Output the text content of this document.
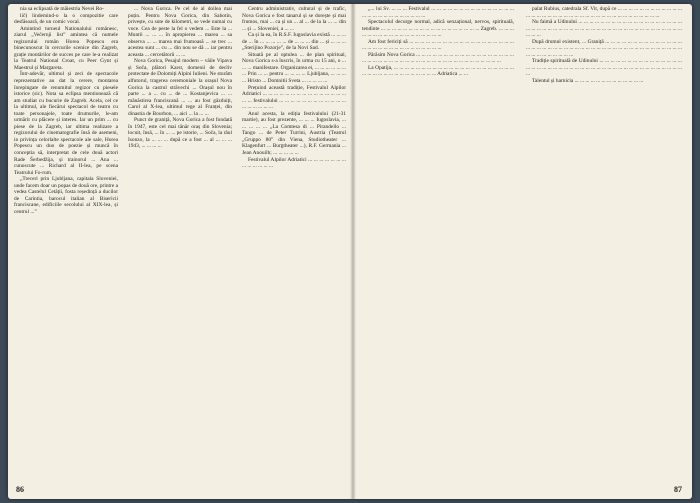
nia sa eclipsată de măiestria Nevei Ro-

lič) lindemind-o la o compozitie care desfăsoară, de un comic vocal.

Amintind turneul Nationalului românesc, ziarul „Večernji list” amintea că numele regizorului român Horea Popescu era binecunoscut în cercurile scenice din Zagreb, grație montărilor de succes pe care le-a realizat la Teatrul National Croat, cu Peer Gynt și Maestrul și Margareta.

Într-adevăr, ultimul și zeci de spectacole reprezentative au dat la cerere, montarea înrepingate de renumitul regizor cu piesele istorice (sic). Nota sa eclipsa mentionează că am studiat cu bucurie de Zagreb. Acela, cel ce la ultimul, ale fiecărui spectacol de teatru cu toate personajele, toate drumurile, le-am urmărit cu plăcere și interes. Iar un prim ... cu piese de la Zagreb, iar ultima realizare a regizorului de cinematografie însă de asemeni, in privința celorlalte spectacole ale sale, Horea Popescu un duo de poezie și muncă în conceptia să, interpretat de cele două actori Rade Šerbedžija, și trainorul ... Ana ... cunoscute ... Richard al II-lea, pe scena Teatrului Fo-rum.

„Treceri prin Ljubljana, capitala Sloveniei, unde facem doar un popas de două ore, printre a vedea Castelul Cetății, fosta reședință a ducilor de Carintia, barocul italian al Bisericii franciscane, edificiile secolului al XIX-lea, și centrul ...”

... Nova Gorica. Pe cel de al doilea mai puțin. Pentru Nova Gorica, din Sabotin, privește, cu sute de kilometri, se vede numai cu voce. Cea de peste la fel o vedem ... Este la ... Muntii ... ... ... în apropierea ... marea ... sa observa ... ... marea mai frumoasă ... se trec ... acestea sunt ... cu ... din nou se dă ... iar pentru aceasta ... cercetătorii ... ...

Nova Gorica, Pesajul modern – văile Vipava și Soča, plători Karst, domenii de decliv protectate de Dolomiți Alpini Iulieni. Ne sturăm alfutorul, tragerea ceremoniale la orașul Nova Gorica la castrul străvechi ... Orașul nou în parte ... a ... cu ... de ... Kostanjevica ... ... mănăstirea franciscană ... ... au fost găzduiți, Carol al X-lea, ultimul rege al Franței, din dinastia de Bourbon, ... aici ... la ... ...

Punct de graniță, Nova Gorica a fost fondată în 1947, este cel mai tânăr oraș din Slovenia; locuit, însă, ... în ... ... pe istorie, ... Soča, la râul Isonzo, la ... ... ... după ce a fost ... al ... ... ... 1943, ... ... ... ...

Centru administrativ, cultural și de trafic, Nova Gorica e fost tanarul și se dorește și mai frumos, mai ... ca și un ... al ... de la la ... ... din ... și ... Sloveniei, a ... ...

Ca și la ea, în R.S.F. Iugoslavia există ... ... ... de ... în ... ... ... ... ... de ... ... ... din ... și ... ... ... „Sterijino Pozorje”, de la Novi Sad.

Situată pe al optulea ... de plan spiritual, Nova Gorica s-a înscris, în urma cu 15 ani, o ... ... ... manifestare. Organizarea ei, ... ... ... ... ... ... ... Prin ... ... pentru ... ... ... ... Ljubljana, ... ... ... ... Hristo ... Domnitii Sveta ... ... ... ... ...

Prețuind această tradiție, Festivalul Alpilor Adriatici ... ... ... ... ... ... ... ... ... ... ... ... ... ... ... ... ... festivalului ... ... ... ... ... ... ... ... ... ... ... ... ... ... ... ... ... ...

Anul acesta, la ediția festivalului (21-31 martie), au fost prezente, ... ... ... Iugoslavia, ... ... ... ... ... „La Comtesa di ... Pirandello ... Tango ... de Peter Turrini, Austria (Teatrul „Gruppo 80” din Viena, Studiotheater ... Klagenfurt ... Burgtheater ...), R.F. Germania ... Jean Anouilh; ... ... ... ... ...

Festivalul Alpilor Adriatici ... ... ... ... ... ... ... ... ... ... ... ... ...

86

„... lui Sv. ... ... ... Festivalul ... ... ... ... ... ... ... ... ... ... ... ... ... ... ... ... ... ... ... ... ... ... ... ... ... ... ...

Spectacolul decurge normal, adică senzațional, nervos, spirituală, tendinte ... ... ... ... ... ... ... ... ... ... ... ... ... ... ... ... ... ... Zagreb. ... ... ... ... ... ... ... ... ... ... ... ... ... ... ... ... ... ...

Am fost fericiți să ... ... ... ... ... ... ... ... ... ... ... ... ... ... ... ... ... ... ... ... ... ... ... ... ... ... ... ... ... ... ... ... ... ...

Părăsim Nova Gorica ... ... ... ... ... ... ... ... ... ... ... ... ... ... ... ... ... ... ... ... ... ... ... ... ... ... ... ... ... ... ... ... ... ... ... ... ... ... ... ... ... ... ... ...

La Opatija, ... ... ... ... ... ... ... ... ... ... ... ... ... ... ... ... ... ... ... ... ... ... ... ... ... ... ... ... ... ... ... ... ... ... ... ... Adriatica ... ...

palat Rubius, catedrala Sf. Vit, după ce ... ... ... ... ... ... ... ... ... ... ... ... ... ... ... ... ... ... ... ... ... ... ... ... ... ... ... ... ... ... ... ... ... ... ... ... ...

Nu faimă a Udinului ... ... ... ... ... ... ... ... ... ... ... ... ... ... ... ... ... ... ... ... ... ... ... ... ... ... ... ... ... ... ... ... ... ... ... ... ... ... ... ... ... ... ... ... ... ... ... ... ... ... ...

După drumul existent, ... Graniță ... ... ... ... ... ... ... ... ... ... ... ... ... ... ... ... ... ... ... ... ... ... ... ... ... ... ... ... ... ... ... ... ... ... ... ... ... ... ... ... ... ... ... ... ... ... ... ... ... ... ... ...

Tradiție spirituală de Udinului ... ... ... ... ... ... ... ... ... ... ... ... ... ... ... ... ... ... ... ... ... ... ... ... ... ... ... ... ... ... ... ... ... ... ... ... ... ... ... ... ... ... ... ... ...

Talentul și harnicia ... ... ... ... ... ... ... ... ... ... ... ... ...

87
